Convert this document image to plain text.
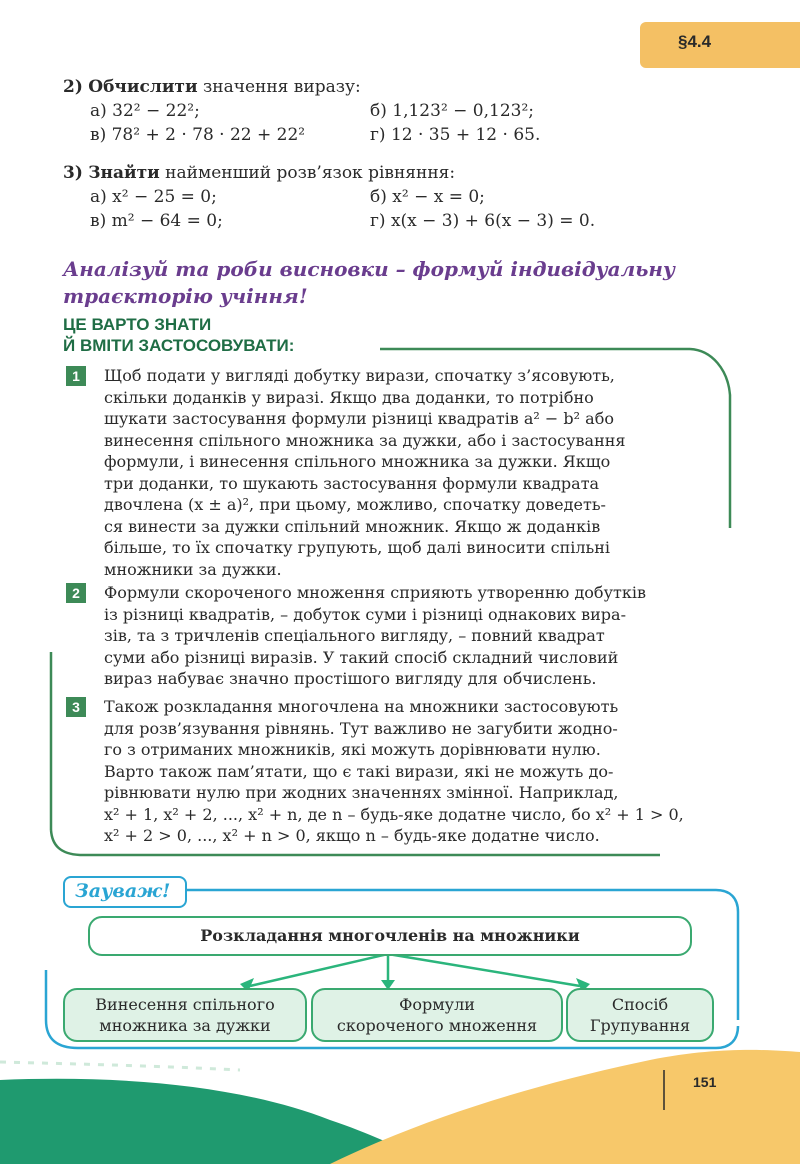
§4.4
2) Обчислити значення виразу:
а) 32² − 22²;	б) 1,123² − 0,123²;
в) 78² + 2 · 78 · 22 + 22²	г) 12 · 35 + 12 · 65.
3) Знайти найменший розв’язок рівняння:
а) x² − 25 = 0;	б) x² − x = 0;
в) m² − 64 = 0;	г) x(x − 3) + 6(x − 3) = 0.
Аналізуй та роби висновки – формуй індивідуальну
траєкторію учіння!
ЦЕ ВАРТО ЗНАТИ
Й ВМІТИ ЗАСТОСОВУВАТИ:
1	Щоб подати у вигляді добутку вирази, спочатку з’ясовують,
скільки доданків у виразі. Якщо два доданки, то потрібно
шукати застосування формули різниці квадратів a² − b² або
винесення спільного множника за дужки, або і застосування
формули, і винесення спільного множника за дужки. Якщо
три доданки, то шукають застосування формули квадрата
двочлена (x ± a)², при цьому, можливо, спочатку доведеть-
ся винести за дужки спільний множник. Якщо ж доданків
більше, то їх спочатку групують, щоб далі виносити спільні
множники за дужки.
2	Формули скороченого множення сприяють утворенню добутків
із різниці квадратів, – добуток суми і різниці однакових вира-
зів, та з тричленів спеціального вигляду, – повний квадрат
суми або різниці виразів. У такий спосіб складний числовий
вираз набуває значно простішого вигляду для обчислень.
3	Також розкладання многочлена на множники застосовують
для розв’язування рівнянь. Тут важливо не загубити жодно-
го з отриманих множників, які можуть дорівнювати нулю.
Варто також пам’ятати, що є такі вирази, які не можуть до-
рівнювати нулю при жодних значеннях змінної. Наприклад,
x² + 1, x² + 2, ..., x² + n, де n – будь-яке додатне число, бо x² + 1 > 0,
x² + 2 > 0, ..., x² + n > 0, якщо n – будь-яке додатне число.
Зауваж!
Розкладання многочленів на множники
Винесення спільного
множника за дужки
Формули
скороченого множення
Спосіб
Групування
151
